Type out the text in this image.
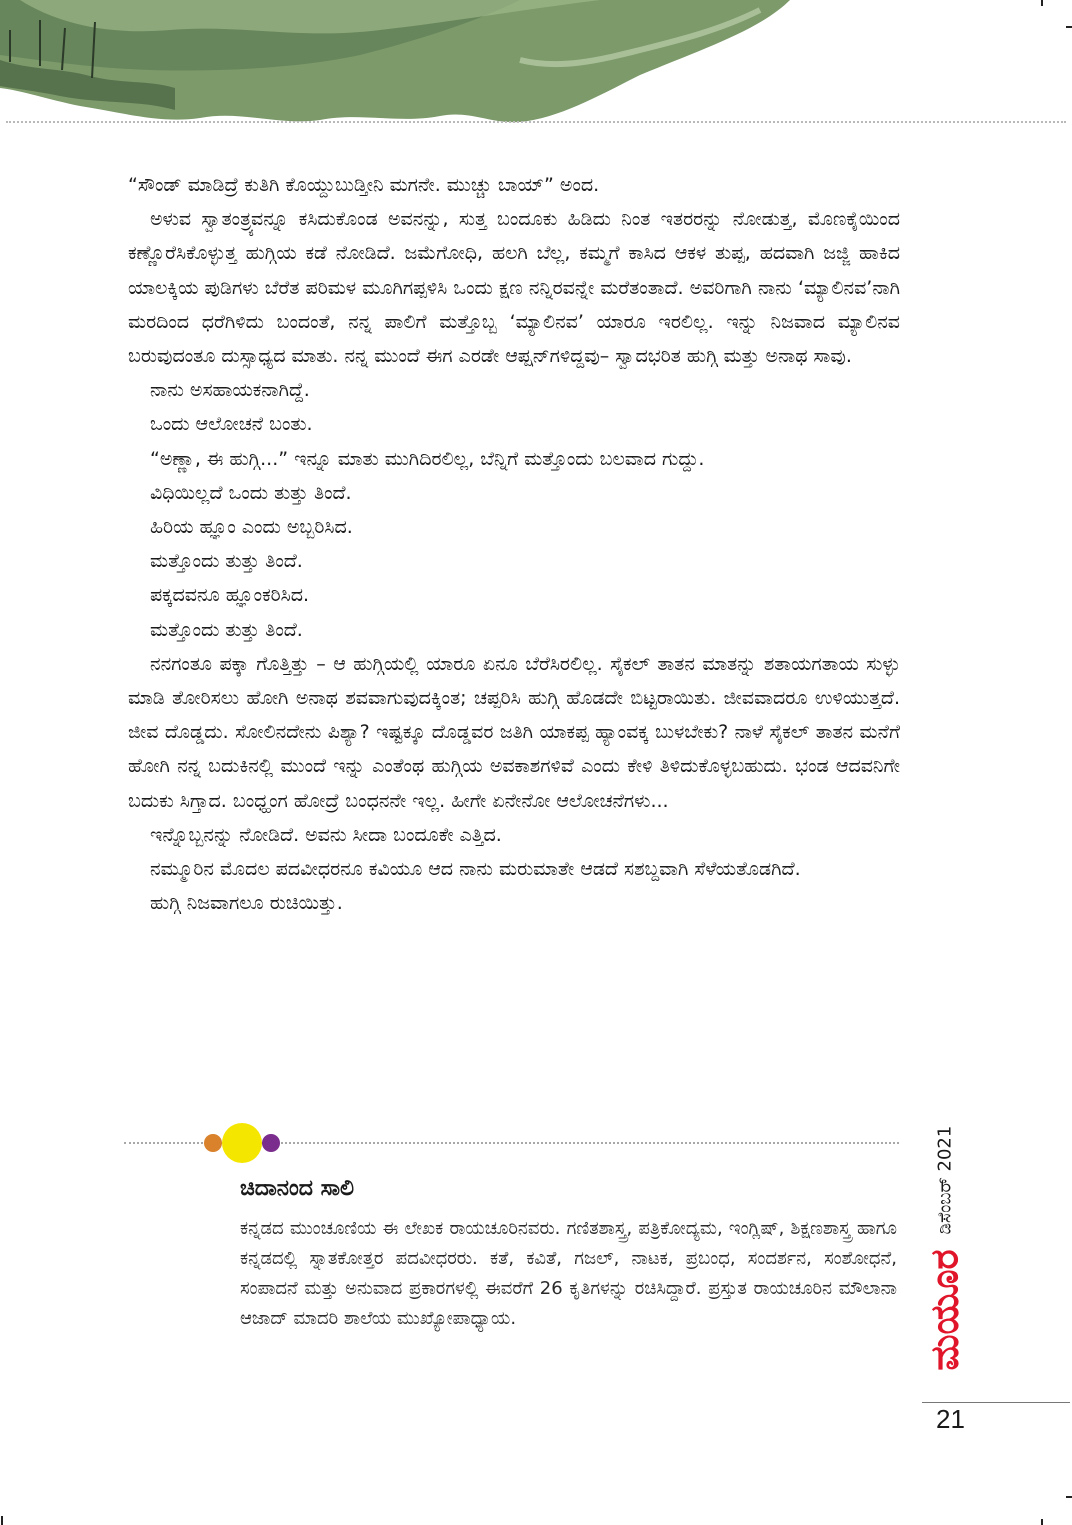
“ಸೌಂಡ್ ಮಾಡಿದ್ರೆ ಕುತಿಗಿ ಕೊಯ್ದುಬುಡ್ತೀನಿ ಮಗನೇ. ಮುಚ್ಚು ಬಾಯ್” ಅಂದ.

ಅಳುವ ಸ್ವಾತಂತ್ರ್ಯವನ್ನೂ ಕಸಿದುಕೊಂಡ ಅವನನ್ನು, ಸುತ್ತ ಬಂದೂಕು ಹಿಡಿದು ನಿಂತ ಇತರರನ್ನು ನೋಡುತ್ತ, ಮೊಣಕೈಯಿಂದ ಕಣ್ಣೊರೆಸಿಕೊಳ್ಳುತ್ತ ಹುಗ್ಗಿಯ ಕಡೆ ನೋಡಿದೆ. ಜಮೆಗೋಧಿ, ಹಲಗಿ ಬೆಲ್ಲ, ಕಮ್ಮಗೆ ಕಾಸಿದ ಆಕಳ ತುಪ್ಪ, ಹದವಾಗಿ ಜಜ್ಜಿ ಹಾಕಿದ ಯಾಲಕ್ಕಿಯ ಪುಡಿಗಳು ಬೆರೆತ ಪರಿಮಳ ಮೂಗಿಗಪ್ಪಳಿಸಿ ಒಂದು ಕ್ಷಣ ನನ್ನಿರವನ್ನೇ ಮರೆತಂತಾದೆ. ಅವರಿಗಾಗಿ ನಾನು ‘ಮ್ಯಾಲಿನವ’ನಾಗಿ ಮರದಿಂದ ಧರೆಗಿಳಿದು ಬಂದಂತೆ, ನನ್ನ ಪಾಲಿಗೆ ಮತ್ತೊಬ್ಬ ‘ಮ್ಯಾಲಿನವ’ ಯಾರೂ ಇರಲಿಲ್ಲ. ಇನ್ನು ನಿಜವಾದ ಮ್ಯಾಲಿನವ ಬರುವುದಂತೂ ದುಸ್ಸಾಧ್ಯದ ಮಾತು. ನನ್ನ ಮುಂದೆ ಈಗ ಎರಡೇ ಆಪ್ಷನ್‌ಗಳಿದ್ದವು– ಸ್ವಾದಭರಿತ ಹುಗ್ಗಿ ಮತ್ತು ಅನಾಥ ಸಾವು.

ನಾನು ಅಸಹಾಯಕನಾಗಿದ್ದೆ.

ಒಂದು ಆಲೋಚನೆ ಬಂತು.

“ಅಣ್ಣಾ, ಈ ಹುಗ್ಗಿ...” ಇನ್ನೂ ಮಾತು ಮುಗಿದಿರಲಿಲ್ಲ, ಬೆನ್ನಿಗೆ ಮತ್ತೊಂದು ಬಲವಾದ ಗುದ್ದು.

ವಿಧಿಯಿಲ್ಲದೆ ಒಂದು ತುತ್ತು ತಿಂದೆ.

ಹಿರಿಯ ಹ್ಞೂಂ ಎಂದು ಅಬ್ಬರಿಸಿದ.

ಮತ್ತೊಂದು ತುತ್ತು ತಿಂದೆ.

ಪಕ್ಕದವನೂ ಹ್ಞೂಂಕರಿಸಿದ.

ಮತ್ತೊಂದು ತುತ್ತು ತಿಂದೆ.

ನನಗಂತೂ ಪಕ್ಕಾ ಗೊತ್ತಿತ್ತು – ಆ ಹುಗ್ಗಿಯಲ್ಲಿ ಯಾರೂ ಏನೂ ಬೆರೆಸಿರಲಿಲ್ಲ. ಸೈಕಲ್ ತಾತನ ಮಾತನ್ನು ಶತಾಯಗತಾಯ ಸುಳ್ಳು ಮಾಡಿ ತೋರಿಸಲು ಹೋಗಿ ಅನಾಥ ಶವವಾಗುವುದಕ್ಕಿಂತ; ಚಪ್ಪರಿಸಿ ಹುಗ್ಗಿ ಹೊಡದೇ ಬಿಟ್ಟರಾಯಿತು. ಜೀವವಾದರೂ ಉಳಿಯುತ್ತದೆ. ಜೀವ ದೊಡ್ಡದು. ಸೋಲಿನದೇನು ಪಿಶ್ಯಾ? ಇಷ್ಟಕ್ಕೂ ದೊಡ್ಡವರ ಜತಿಗಿ ಯಾಕಪ್ಪ ಹ್ಯಾಂವಕ್ಕ ಬುಳಬೇಕು? ನಾಳೆ ಸೈಕಲ್ ತಾತನ ಮನೆಗೆ ಹೋಗಿ ನನ್ನ ಬದುಕಿನಲ್ಲಿ ಮುಂದೆ ಇನ್ನು ಎಂತೆಂಥ ಹುಗ್ಗಿಯ ಅವಕಾಶಗಳಿವೆ ಎಂದು ಕೇಳಿ ತಿಳಿದುಕೊಳ್ಳಬಹುದು. ಭಂಡ ಆದವನಿಗೇ ಬದುಕು ಸಿಗ್ತಾದ. ಬಂಧ್ಹಂಗ ಹೋದ್ರೆ ಬಂಧನನೇ ಇಲ್ಲ. ಹೀಗೇ ಏನೇನೋ ಆಲೋಚನೆಗಳು...

ಇನ್ನೊಬ್ಬನನ್ನು ನೋಡಿದೆ. ಅವನು ಸೀದಾ ಬಂದೂಕೇ ಎತ್ತಿದ.

ನಮ್ಮೂರಿನ ಮೊದಲ ಪದವೀಧರನೂ ಕವಿಯೂ ಆದ ನಾನು ಮರುಮಾತೇ ಆಡದೆ ಸಶಬ್ದವಾಗಿ ಸೆಳೆಯತೊಡಗಿದೆ.

ಹುಗ್ಗಿ ನಿಜವಾಗಲೂ ರುಚಿಯಿತ್ತು.

ಚಿದಾನಂದ ಸಾಲಿ
ಕನ್ನಡದ ಮುಂಚೂಣಿಯ ಈ ಲೇಖಕ ರಾಯಚೂರಿನವರು. ಗಣಿತಶಾಸ್ತ್ರ, ಪತ್ರಿಕೋದ್ಯಮ, ಇಂಗ್ಲಿಷ್, ಶಿಕ್ಷಣಶಾಸ್ತ್ರ ಹಾಗೂ ಕನ್ನಡದಲ್ಲಿ ಸ್ನಾತಕೋತ್ತರ ಪದವೀಧರರು. ಕತೆ, ಕವಿತೆ, ಗಜಲ್, ನಾಟಕ, ಪ್ರಬಂಧ, ಸಂದರ್ಶನ, ಸಂಶೋಧನೆ, ಸಂಪಾದನೆ ಮತ್ತು ಅನುವಾದ ಪ್ರಕಾರಗಳಲ್ಲಿ ಈವರೆಗೆ 26 ಕೃತಿಗಳನ್ನು ರಚಿಸಿದ್ದಾರೆ. ಪ್ರಸ್ತುತ ರಾಯಚೂರಿನ ಮೌಲಾನಾ ಆಜಾದ್ ಮಾದರಿ ಶಾಲೆಯ ಮುಖ್ಯೋಪಾಧ್ಯಾಯ.
ಡಿಸೆಂಬರ್ 2021
ಮಯೂರ
21
